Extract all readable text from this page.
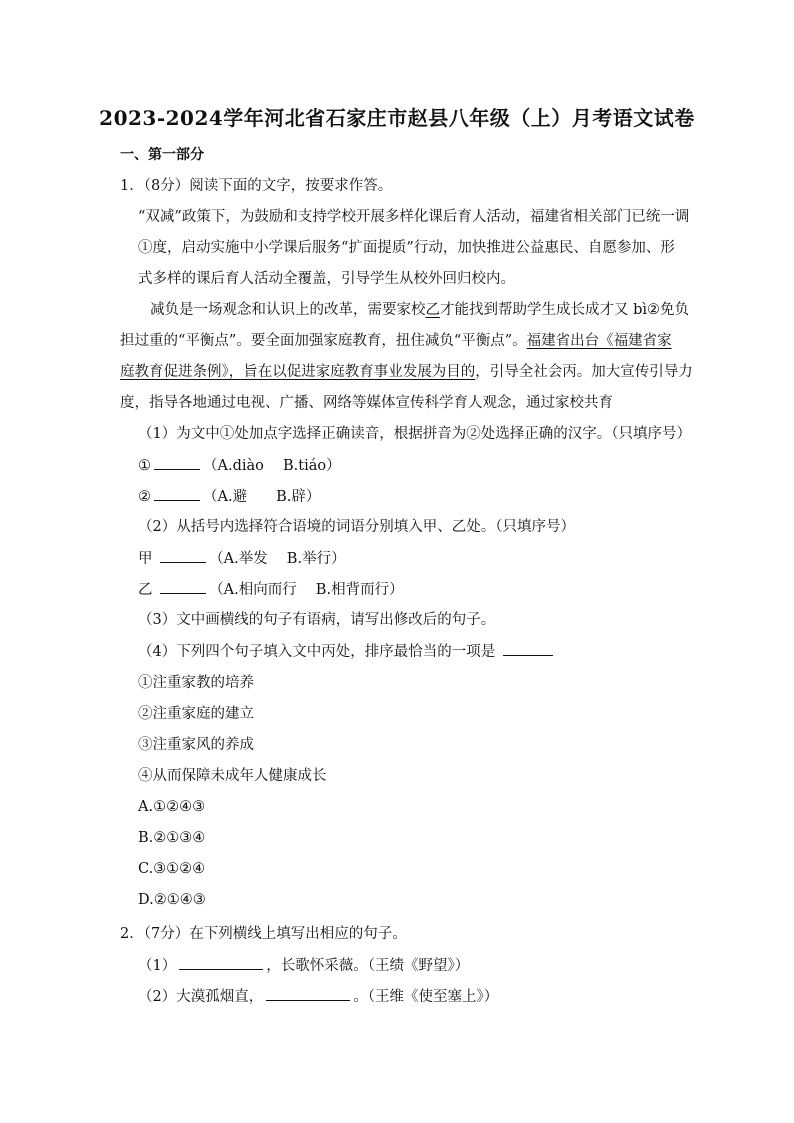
2023-2024学年河北省石家庄市赵县八年级（上）月考语文试卷
一、第一部分
1．（8分）阅读下面的文字，按要求作答。
“双减”政策下，为鼓励和支持学校开展多样化课后育人活动，福建省相关部门已统一调
①度，启动实施中小学课后服务“扩面提质”行动，加快推进公益惠民、自愿参加、形
式多样的课后育人活动全覆盖，引导学生从校外回归校内。
减负是一场观念和认识上的改革，需要家校乙才能找到帮助学生成长成才又 bì②免负
担过重的“平衡点”。要全面加强家庭教育，扭住减负“平衡点”。福建省出台《福建省家
庭教育促进条例》，旨在以促进家庭教育事业发展为目的，引导全社会丙。加大宣传引导力
度，指导各地通过电视、广播、网络等媒体宣传科学育人观念，通过家校共育
（1）为文中①处加点字选择正确读音，根据拼音为②处选择正确的汉字。（只填序号）
①	（A.diào　 B.tiáo）
②	（A.避　　B.辟）
（2）从括号内选择符合语境的词语分别填入甲、乙处。（只填序号）
甲	（A.举发　 B.举行）
乙	（A.相向而行　 B.相背而行）
（3）文中画横线的句子有语病，请写出修改后的句子。
（4）下列四个句子填入文中丙处，排序最恰当的一项是
①注重家教的培养
②注重家庭的建立
③注重家风的养成
④从而保障未成年人健康成长
A.①②④③
B.②①③④
C.③①②④
D.②①④③
2．（7分）在下列横线上填写出相应的句子。
（1）	，长歌怀采薇。（王绩《野望》）
（2）大漠孤烟直，	。（王维《使至塞上》）
